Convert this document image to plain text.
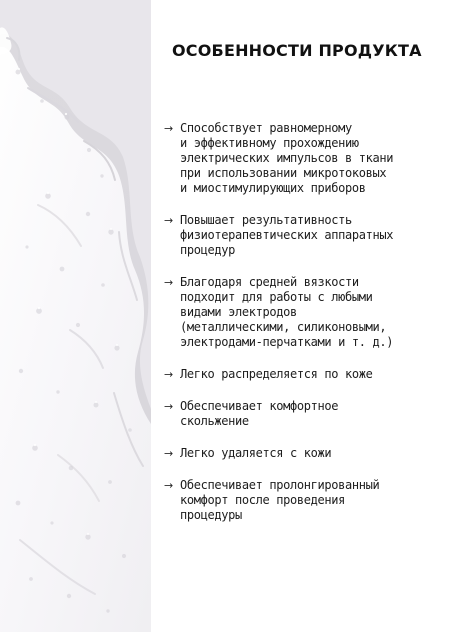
ОСОБЕННОСТИ ПРОДУКТА
→ Способствует равномерному
и эффективному прохождению
электрических импульсов в ткани
при использовании микротоковых
и миостимулирующих приборов
→ Повышает результативность
физиотерапевтических аппаратных
процедур
→ Благодаря средней вязкости
подходит для работы с любыми
видами электродов
(металлическими, силиконовыми,
электродами-перчатками и т. д.)
→ Легко распределяется по коже
→ Обеспечивает комфортное
скольжение
→ Легко удаляется с кожи
→ Обеспечивает пролонгированный
комфорт после проведения
процедуры
